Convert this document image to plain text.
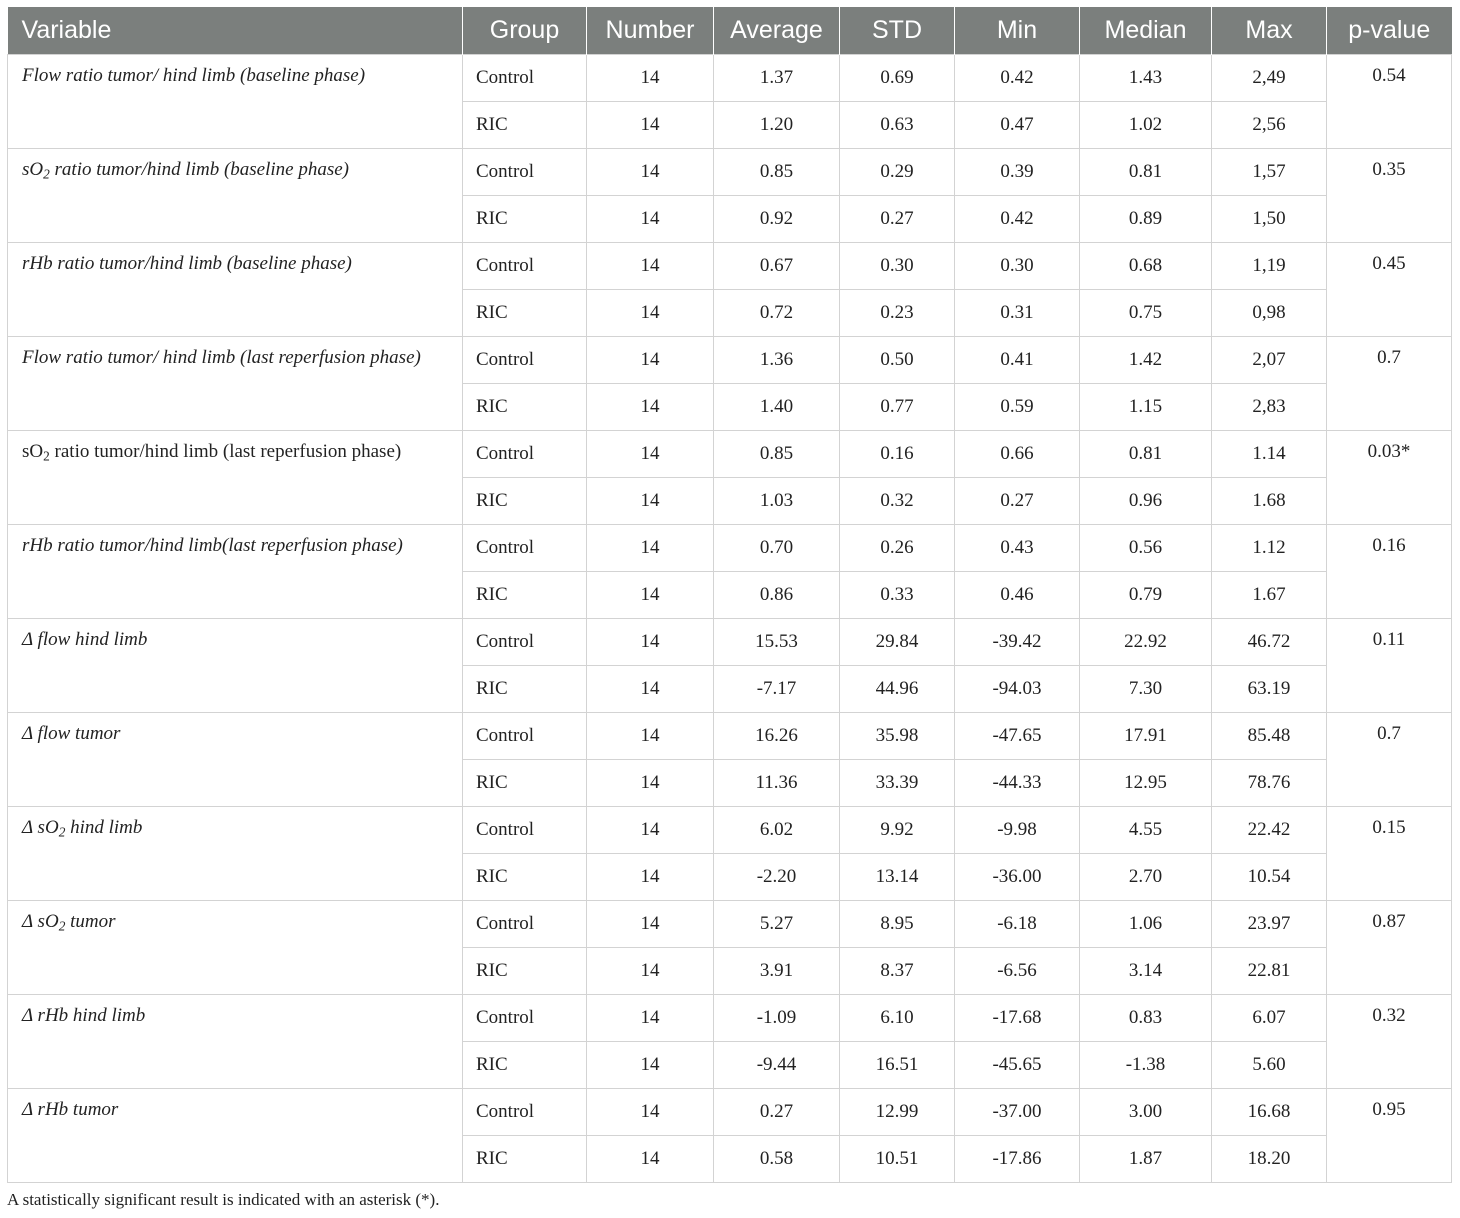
Variable	Group	Number	Average	STD	Min	Median	Max	p-value
Flow ratio tumor/ hind limb (baseline phase)	Control	14	1.37	0.69	0.42	1.43	2,49	0.54
	RIC	14	1.20	0.63	0.47	1.02	2,56	
$sO_2$ ratio tumor/hind limb (baseline phase)	Control	14	0.85	0.29	0.39	0.81	1,57	0.35
	RIC	14	0.92	0.27	0.42	0.89	1,50	
rHb ratio tumor/hind limb (baseline phase)	Control	14	0.67	0.30	0.30	0.68	1,19	0.45
	RIC	14	0.72	0.23	0.31	0.75	0,98	
Flow ratio tumor/ hind limb (last reperfusion phase)	Control	14	1.36	0.50	0.41	1.42	2,07	0.7
	RIC	14	1.40	0.77	0.59	1.15	2,83	
$sO_2$ ratio tumor/hind limb (last reperfusion phase)	Control	14	0.85	0.16	0.66	0.81	1.14	0.03*
	RIC	14	1.03	0.32	0.27	0.96	1.68	
rHb ratio tumor/hind limb(last reperfusion phase)	Control	14	0.70	0.26	0.43	0.56	1.12	0.16
	RIC	14	0.86	0.33	0.46	0.79	1.67	
Δ flow hind limb	Control	14	15.53	29.84	-39.42	22.92	46.72	0.11
	RIC	14	-7.17	44.96	-94.03	7.30	63.19	
Δ flow tumor	Control	14	16.26	35.98	-47.65	17.91	85.48	0.7
	RIC	14	11.36	33.39	-44.33	12.95	78.76	
Δ $sO_2$ hind limb	Control	14	6.02	9.92	-9.98	4.55	22.42	0.15
	RIC	14	-2.20	13.14	-36.00	2.70	10.54	
Δ $sO_2$ tumor	Control	14	5.27	8.95	-6.18	1.06	23.97	0.87
	RIC	14	3.91	8.37	-6.56	3.14	22.81	
Δ rHb hind limb	Control	14	-1.09	6.10	-17.68	0.83	6.07	0.32
	RIC	14	-9.44	16.51	-45.65	-1.38	5.60	
Δ rHb tumor	Control	14	0.27	12.99	-37.00	3.00	16.68	0.95
	RIC	14	0.58	10.51	-17.86	1.87	18.20	
A statistically significant result is indicated with an asterisk (*).
